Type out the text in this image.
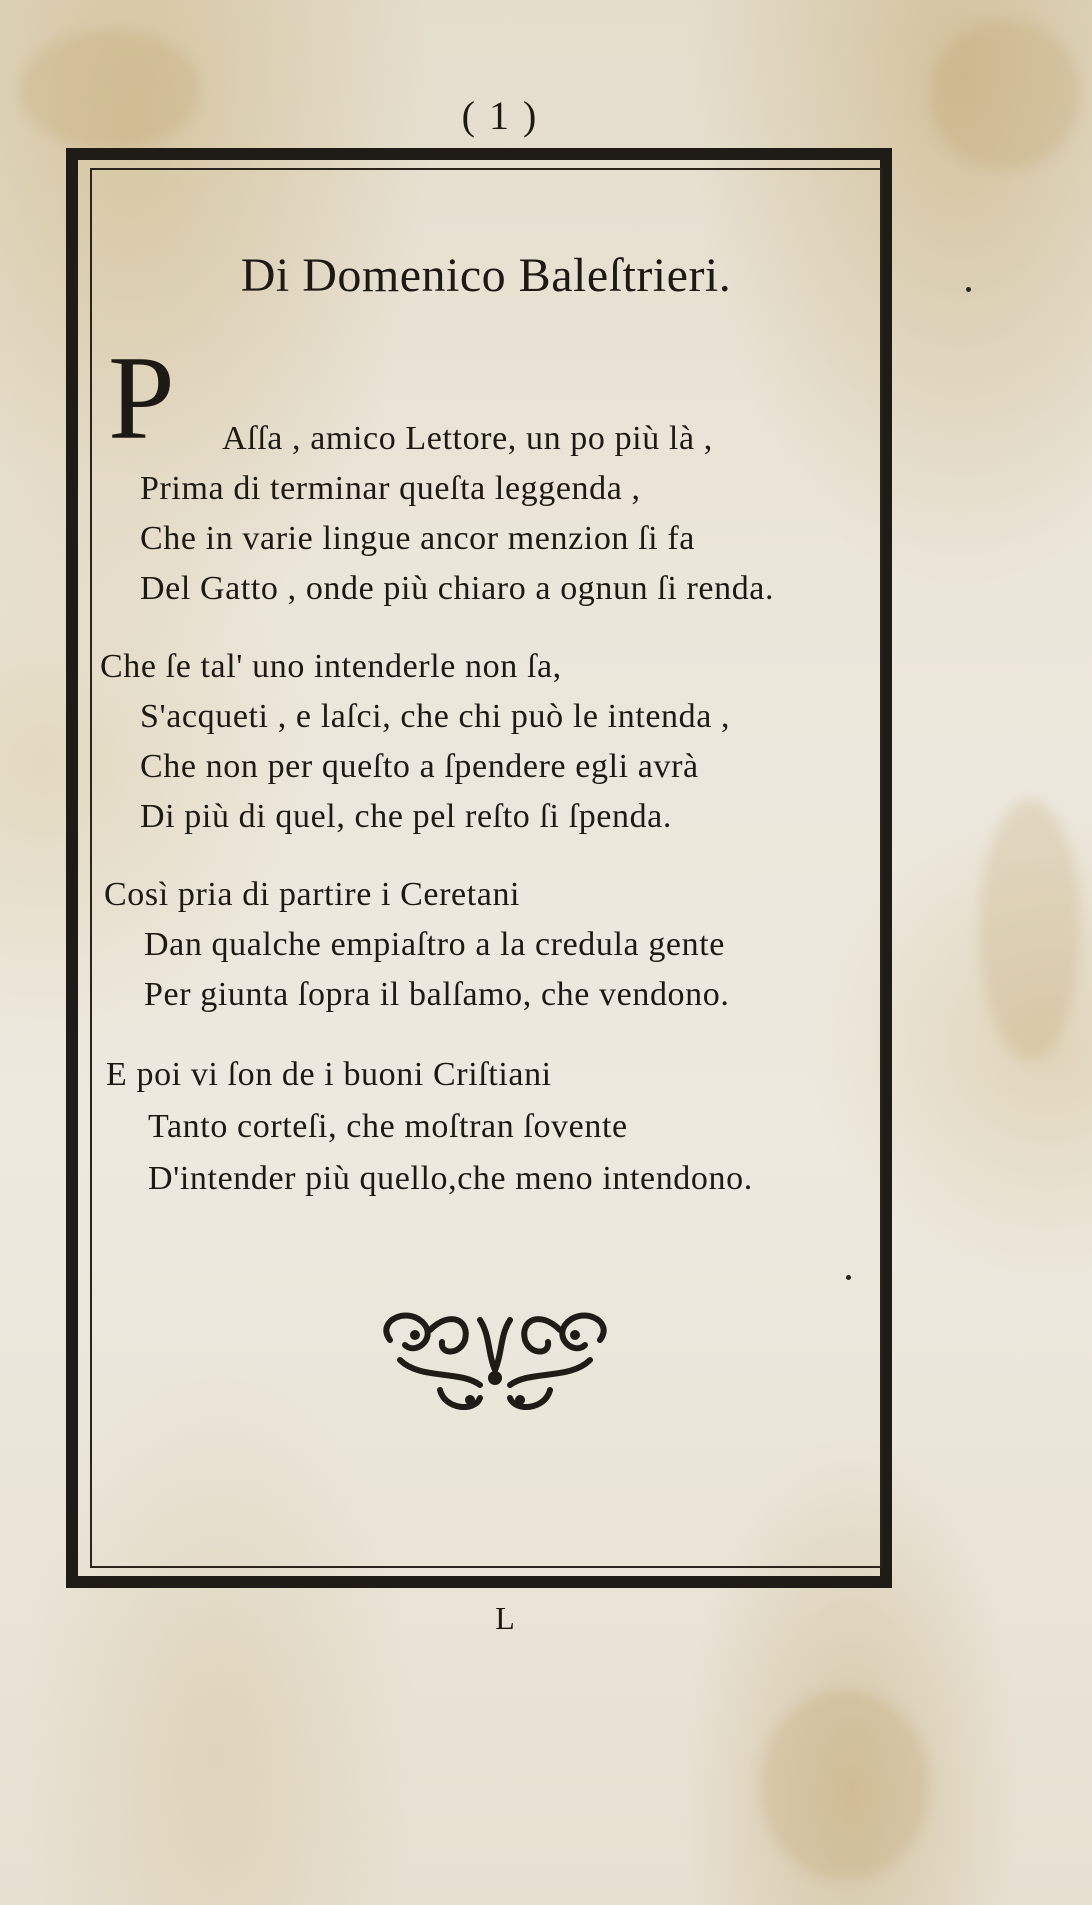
( 1 )
Di Domenico Baleſtrieri.
P Aſſa , amico Lettore, un po più là ,
Prima di terminar queſta leggenda ,
Che in varie lingue ancor menzion ſi fa
Del Gatto , onde più chiaro a ognun ſi renda.
Che ſe tal' uno intenderle non ſa,
S'acqueti , e laſci, che chi può le intenda ,
Che non per queſto a ſpendere egli avrà
Di più di quel, che pel reſto ſi ſpenda.
Così pria di partire i Ceretani
Dan qualche empiaſtro a la credula gente
Per giunta ſopra il balſamo, che vendono.
E poi vi ſon de i buoni Criſtiani
Tanto corteſi, che moſtran ſovente
D'intender più quello,che meno intendono.
L
